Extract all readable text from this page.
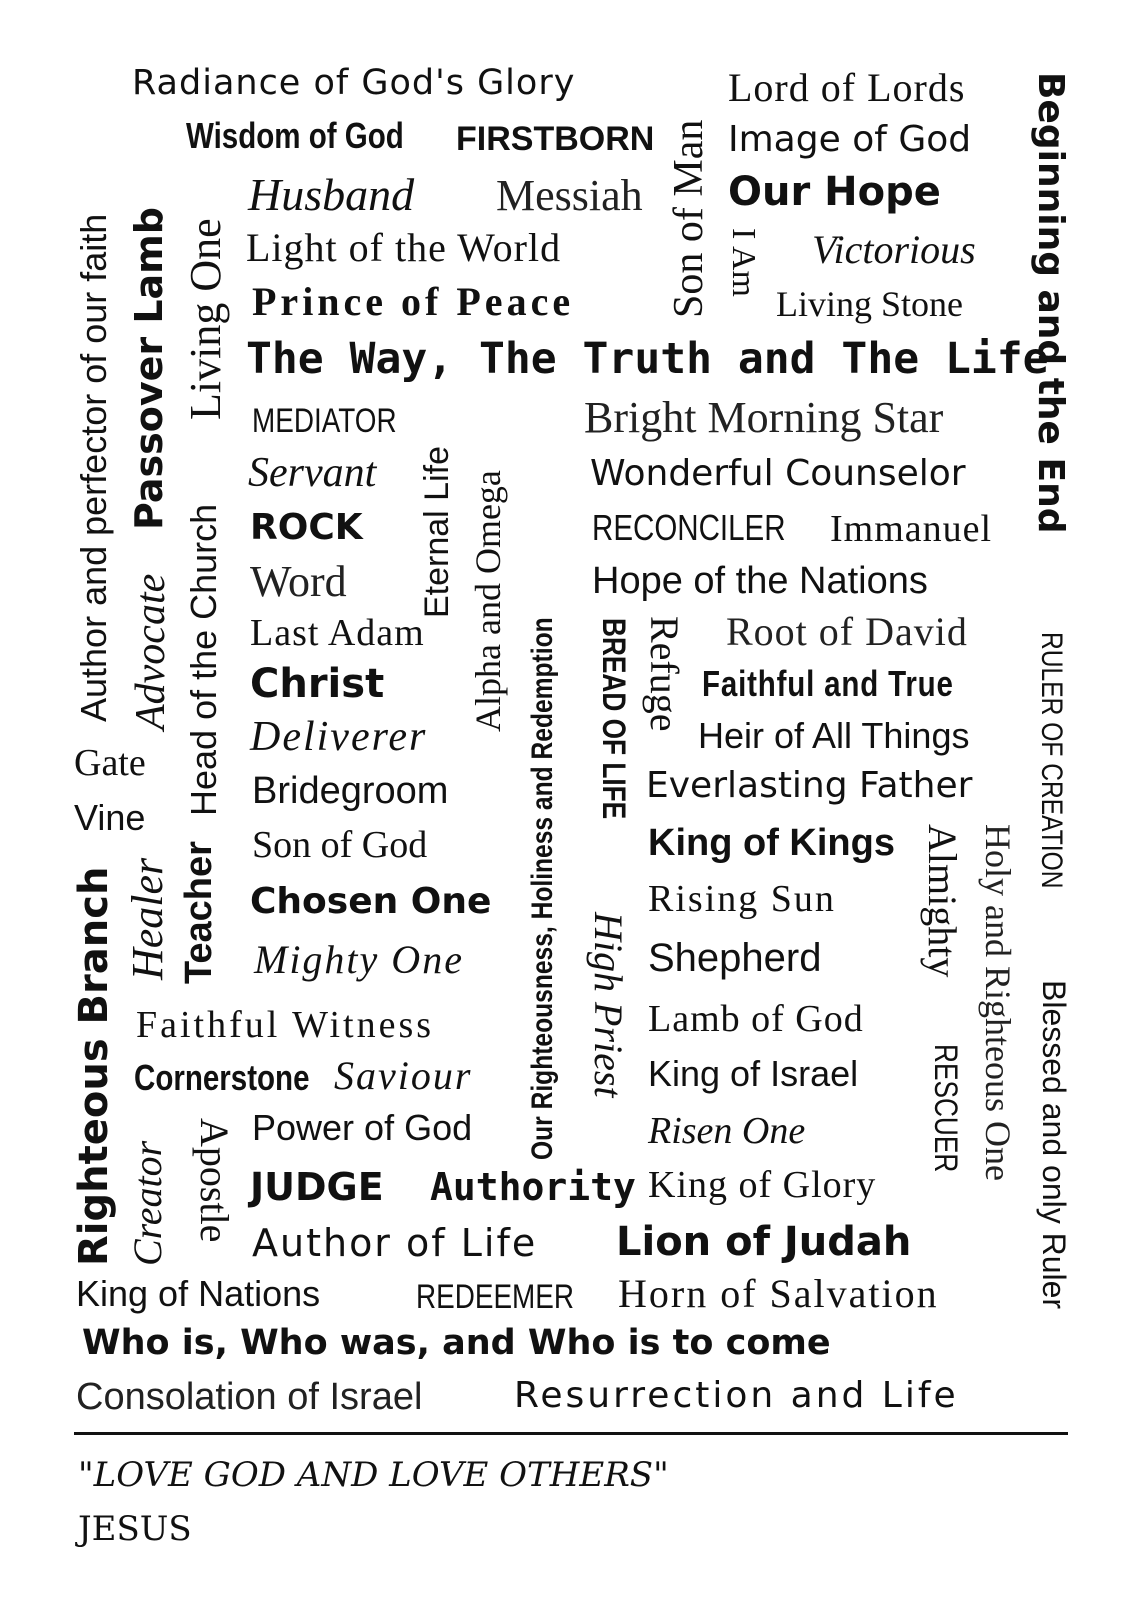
Author and perfector of our faith Passover Lamb Living One
Advocate Head of the Church
Gate
Vine
Righteous Branch Healer Teacher
Creator Apostle
Radiance of God's Glory
Wisdom of God	FIRSTBORN
Husband Messiah
Light of the World
Prince of Peace Son of Man I Am
Lord of Lords
Image of God
Our Hope
Victorious
Living Stone Beginning and the End
The Way, The Truth and The Life
MEDIATOR
Servant
ROCK
Word
Last Adam
Christ
Deliverer
Bridegroom
Son of God
Chosen One
Mighty One
Eternal Life Alpha and Omega
Our Righteousness, Holiness and Redemption BREAD OF LIFE
High Priest
Refuge
Bright Morning Star
Wonderful Counselor
RECONCILER	Immanuel
Hope of the Nations
Root of David
Faithful and True
Heir of All Things
Everlasting Father RULER OF CREATION
King of Kings
Rising Sun
Shepherd
Lamb of God
King of Israel
Risen One
King of Glory
Almighty Holy and Righteous One
RESCUER Blessed and only Ruler
Faithful Witness
Cornerstone Saviour
Power of God
JUDGE Authority
Author of Life Lion of Judah
King of Nations	REDEEMER	Horn of Salvation
Who is, Who was, and Who is to come
Consolation of Israel	Resurrection and Life
"LOVE GOD AND LOVE OTHERS"
JESUS
